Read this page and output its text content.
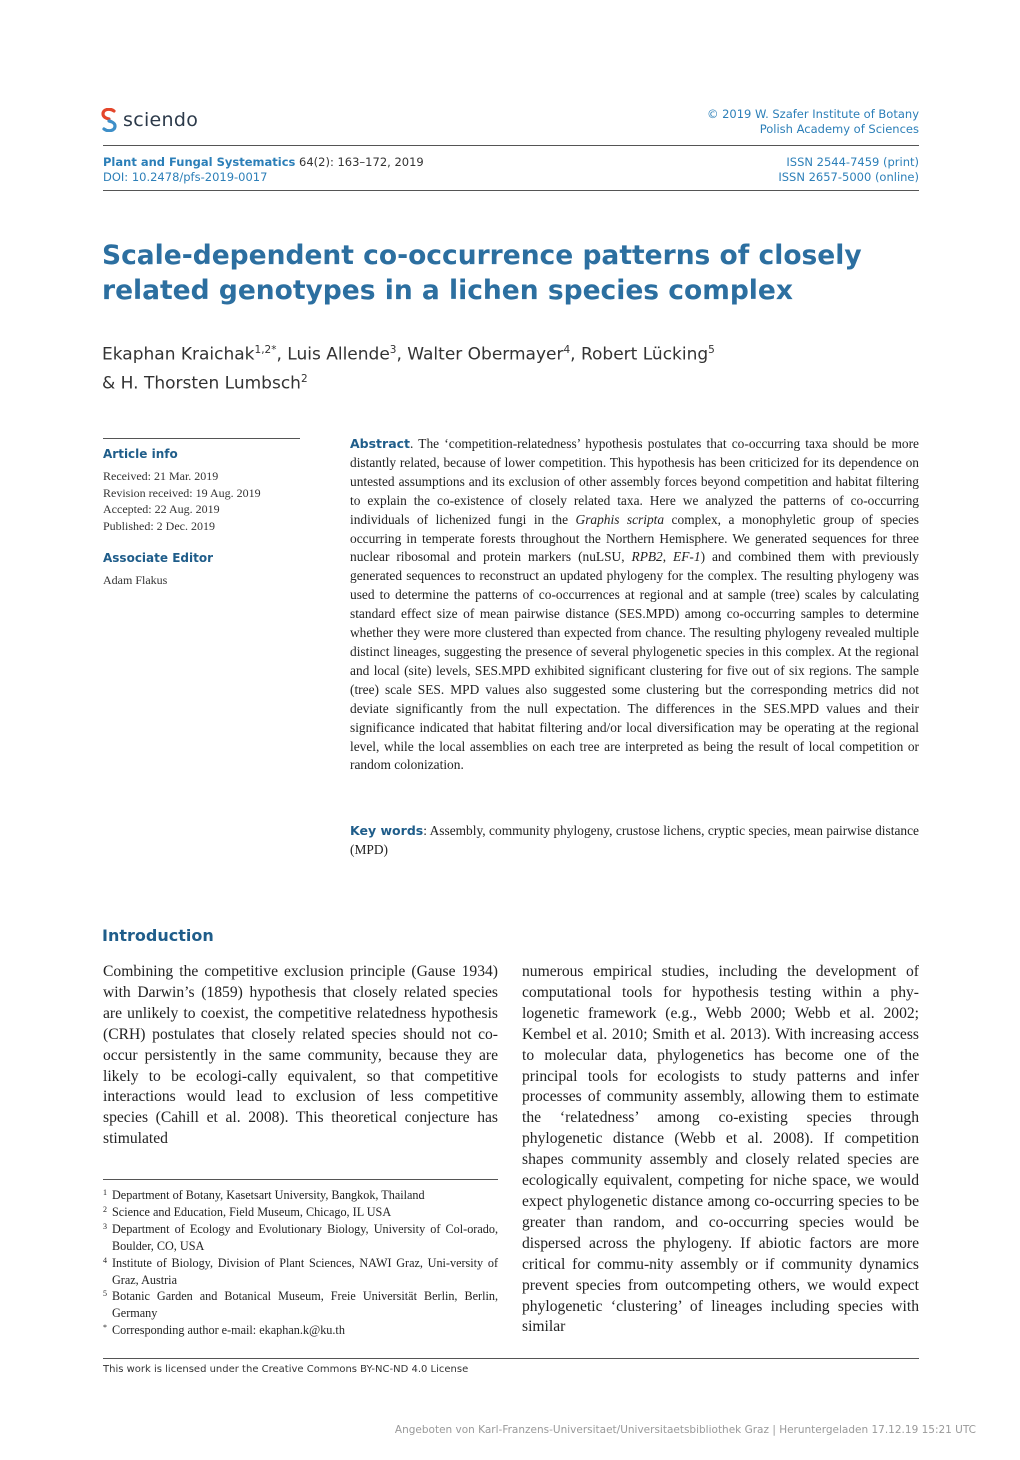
sciendo	© 2019 W. Szafer Institute of Botany
Polish Academy of Sciences
Plant and Fungal Systematics 64(2): 163–172, 2019
DOI: 10.2478/pfs-2019-0017
ISSN 2544-7459 (print)
ISSN 2657-5000 (online)
Scale-dependent co-occurrence patterns of closely related genotypes in a lichen species complex
Ekaphan Kraichak$^{1,2*}$, Luis Allende$^3$, Walter Obermayer$^4$, Robert Lücking$^5$
& H. Thorsten Lumbsch$^2$
Article info
Received: 21 Mar. 2019
Revision received: 19 Aug. 2019
Accepted: 22 Aug. 2019
Published: 2 Dec. 2019
Associate Editor
Adam Flakus
Abstract. The ‘competition-relatedness’ hypothesis postulates that co-occurring taxa should be more distantly related, because of lower competition. This hypothesis has been criticized for its dependence on untested assumptions and its exclusion of other assembly forces beyond competition and habitat filtering to explain the co-existence of closely related taxa. Here we analyzed the patterns of co-occurring individuals of lichenized fungi in the Graphis scripta complex, a monophyletic group of species occurring in temperate forests throughout the Northern Hemisphere. We generated sequences for three nuclear ribosomal and protein markers (nuLSU, RPB2, EF-1) and combined them with previously generated sequences to reconstruct an updated phylogeny for the complex. The resulting phylogeny was used to determine the patterns of co-occurrences at regional and at sample (tree) scales by calculating standard effect size of mean pairwise distance (SES.MPD) among co-occurring samples to determine whether they were more clustered than expected from chance. The resulting phylogeny revealed multiple distinct lineages, suggesting the presence of several phylogenetic species in this complex. At the regional and local (site) levels, SES.MPD exhibited significant clustering for five out of six regions. The sample (tree) scale SES. MPD values also suggested some clustering but the corresponding metrics did not deviate significantly from the null expectation. The differences in the SES.MPD values and their significance indicated that habitat filtering and/or local diversification may be operating at the regional level, while the local assemblies on each tree are interpreted as being the result of local competition or random colonization.
Key words: Assembly, community phylogeny, crustose lichens, cryptic species, mean pairwise distance (MPD)
Introduction

Combining the competitive exclusion principle (Gause 1934) with Darwin’s (1859) hypothesis that closely related species are unlikely to coexist, the competitive relatedness hypothesis (CRH) postulates that closely related species should not co-occur persistently in the same community, because they are likely to be ecologi-cally equivalent, so that competitive interactions would lead to exclusion of less competitive species (Cahill et al. 2008). This theoretical conjecture has stimulated

numerous empirical studies, including the development of computational tools for hypothesis testing within a phy-logenetic framework (e.g., Webb 2000; Webb et al. 2002; Kembel et al. 2010; Smith et al. 2013). With increasing access to molecular data, phylogenetics has become one of the principal tools for ecologists to study patterns and infer processes of community assembly, allowing them to estimate the ‘relatedness’ among co-existing species through phylogenetic distance (Webb et al. 2008). If competition shapes community assembly and closely related species are ecologically equivalent, competing for niche space, we would expect phylogenetic distance among co-occurring species to be greater than random, and co-occurring species would be dispersed across the phylogeny. If abiotic factors are more critical for commu-nity assembly or if community dynamics prevent species from outcompeting others, we would expect phylogenetic ‘clustering’ of lineages including species with similar

1 Department of Botany, Kasetsart University, Bangkok, Thailand
2 Science and Education, Field Museum, Chicago, IL USA
3 Department of Ecology and Evolutionary Biology, University of Col-orado, Boulder, CO, USA
4 Institute of Biology, Division of Plant Sciences, NAWI Graz, Uni-versity of Graz, Austria
5 Botanic Garden and Botanical Museum, Freie Universität Berlin, Berlin, Germany
* Corresponding author e-mail: ekaphan.k@ku.th
This work is licensed under the Creative Commons BY-NC-ND 4.0 License
Angeboten von Karl-Franzens-Universitaet/Universitaetsbibliothek Graz | Heruntergeladen 17.12.19 15:21 UTC
